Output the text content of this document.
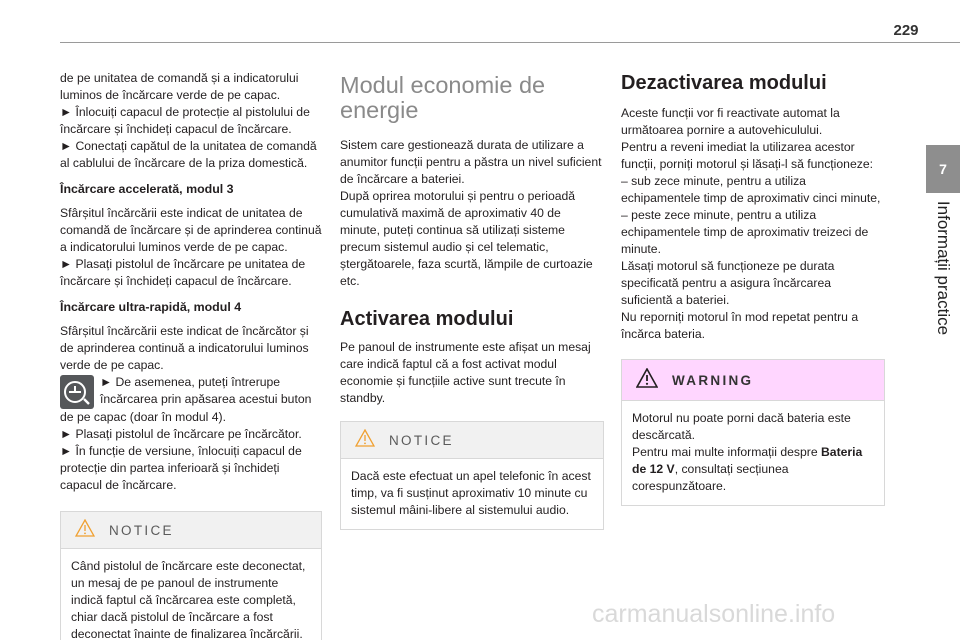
229
7
Informații practice

de pe unitatea de comandă și a indicatorului luminos de încărcare verde de pe capac.

► Înlocuiți capacul de protecție al pistolului de încărcare și închideți capacul de încărcare.

► Conectați capătul de la unitatea de comandă al cablului de încărcare de la priza domestică.

Încărcare accelerată, modul 3

Sfârșitul încărcării este indicat de unitatea de comandă de încărcare și de aprinderea continuă a indicatorului luminos verde de pe capac.

► Plasați pistolul de încărcare pe unitatea de încărcare și închideți capacul de încărcare.

Încărcare ultra-rapidă, modul 4

Sfârșitul încărcării este indicat de încărcător și de aprinderea continuă a indicatorului luminos verde de pe capac.

► De asemenea, puteți întrerupe încărcarea prin apăsarea acestui buton

de pe capac (doar în modul 4).

► Plasați pistolul de încărcare pe încărcător.

► În funcție de versiune, înlocuiți capacul de protecție din partea inferioară și închideți capacul de încărcare.

NOTICE

Când pistolul de încărcare este deconectat, un mesaj de pe panoul de instrumente indică faptul că încărcarea este completă, chiar dacă pistolul de încărcare a fost deconectat înainte de finalizarea încărcării.

Modul economie de energie

Sistem care gestionează durata de utilizare a anumitor funcții pentru a păstra un nivel suficient de încărcare a bateriei.

După oprirea motorului și pentru o perioadă cumulativă maximă de aproximativ 40 de minute, puteți continua să utilizați sisteme precum sistemul audio și cel telematic, ștergătoarele, faza scurtă, lămpile de curtoazie etc.

Activarea modului

Pe panoul de instrumente este afișat un mesaj care indică faptul că a fost activat modul economie și funcțiile active sunt trecute în standby.

NOTICE

Dacă este efectuat un apel telefonic în acest timp, va fi susținut aproximativ 10 minute cu sistemul mâini-libere al sistemului audio.

Dezactivarea modului

Aceste funcții vor fi reactivate automat la următoarea pornire a autovehiculului.

Pentru a reveni imediat la utilizarea acestor funcții, porniți motorul și lăsați-l să funcționeze:

– sub zece minute, pentru a utiliza echipamentele timp de aproximativ cinci minute,

– peste zece minute, pentru a utiliza echipamentele timp de aproximativ treizeci de minute.

Lăsați motorul să funcționeze pe durata specificată pentru a asigura încărcarea suficientă a bateriei.

Nu reporniți motorul în mod repetat pentru a încărca bateria.

WARNING

Motorul nu poate porni dacă bateria este descărcată.

Pentru mai multe informații despre Bateria de 12 V, consultați secțiunea corespunzătoare.

carmanualsonline.info
